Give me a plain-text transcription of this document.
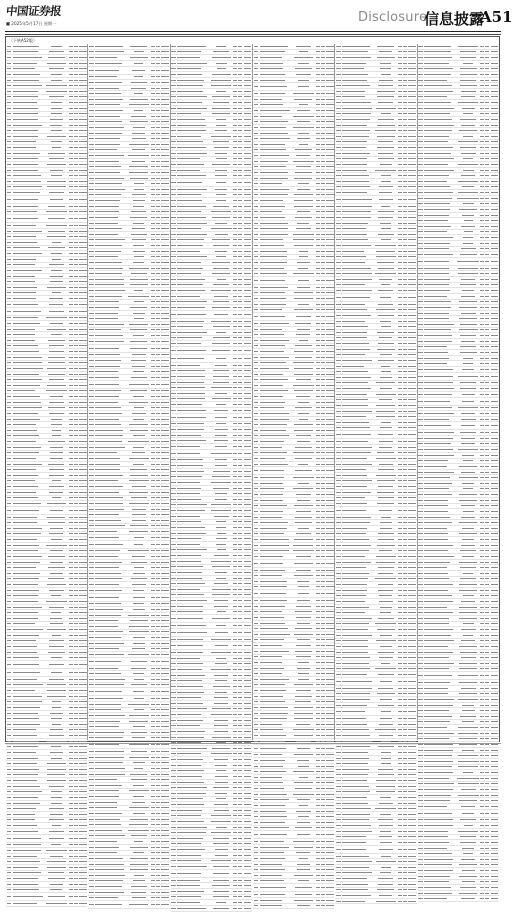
中国证券报
■ 2025年5月17日 星期一	Disclosure
信息披露
A51
（下转A52版）
